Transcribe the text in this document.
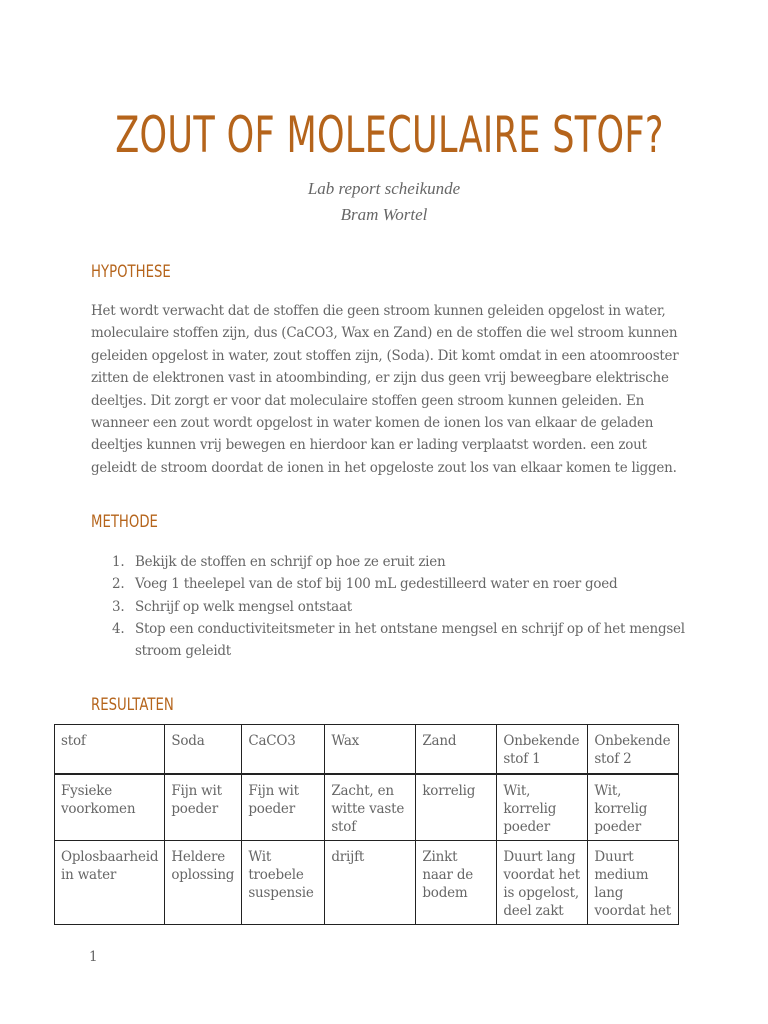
ZOUT OF MOLECULAIRE STOF?
Lab report scheikunde
Bram Wortel
HYPOTHESE
Het wordt verwacht dat de stoffen die geen stroom kunnen geleiden opgelost in water,
moleculaire stoffen zijn, dus (CaCO3, Wax en Zand) en de stoffen die wel stroom kunnen
geleiden opgelost in water, zout stoffen zijn, (Soda). Dit komt omdat in een atoomrooster
zitten de elektronen vast in atoombinding, er zijn dus geen vrij beweegbare elektrische
deeltjes. Dit zorgt er voor dat moleculaire stoffen geen stroom kunnen geleiden. En
wanneer een zout wordt opgelost in water komen de ionen los van elkaar de geladen
deeltjes kunnen vrij bewegen en hierdoor kan er lading verplaatst worden. een zout
geleidt de stroom doordat de ionen in het opgeloste zout los van elkaar komen te liggen.
METHODE
1. Bekijk de stoffen en schrijf op hoe ze eruit zien
2. Voeg 1 theelepel van de stof bij 100 mL gedestilleerd water en roer goed
3. Schrijf op welk mengsel ontstaat
4. Stop een conductiviteitsmeter in het ontstane mengsel en schrijf op of het mengsel
stroom geleidt
RESULTATEN
stof	Soda	CaCO3	Wax	Zand	Onbekende stof 1	Onbekende stof 2
Fysieke voorkomen	Fijn wit poeder	Fijn wit poeder	Zacht, en witte vaste stof	korrelig	Wit, korrelig poeder	Wit, korrelig poeder
Oplosbaarheid in water	Heldere oplossing	Wit troebele suspensie	drijft	Zinkt naar de bodem	Duurt lang voordat het is opgelost, deel zakt	Duurt medium lang voordat het
1
